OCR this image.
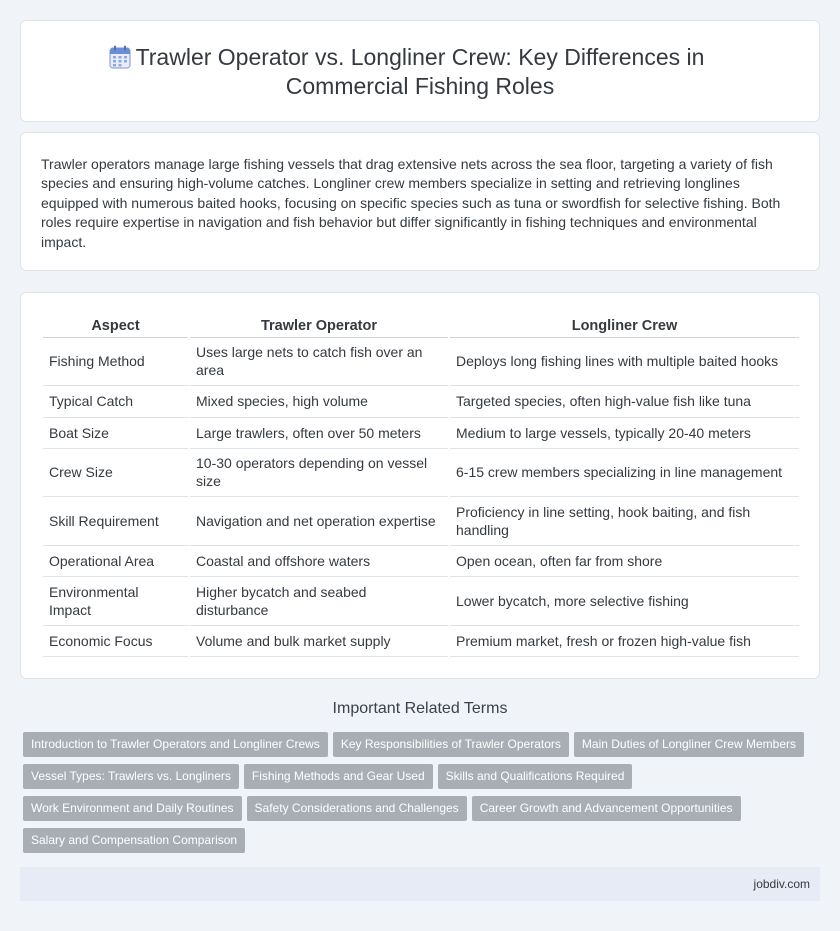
Trawler Operator vs. Longliner Crew: Key Differences in Commercial Fishing Roles

Trawler operators manage large fishing vessels that drag extensive nets across the sea floor, targeting a variety of fish species and ensuring high-volume catches. Longliner crew members specialize in setting and retrieving longlines equipped with numerous baited hooks, focusing on specific species such as tuna or swordfish for selective fishing. Both roles require expertise in navigation and fish behavior but differ significantly in fishing techniques and environmental impact.

Aspect	Trawler Operator	Longliner Crew
Fishing Method	Uses large nets to catch fish over an area	Deploys long fishing lines with multiple baited hooks
Typical Catch	Mixed species, high volume	Targeted species, often high-value fish like tuna
Boat Size	Large trawlers, often over 50 meters	Medium to large vessels, typically 20-40 meters
Crew Size	10-30 operators depending on vessel size	6-15 crew members specializing in line management
Skill Requirement	Navigation and net operation expertise	Proficiency in line setting, hook baiting, and fish handling
Operational Area	Coastal and offshore waters	Open ocean, often far from shore
Environmental Impact	Higher bycatch and seabed disturbance	Lower bycatch, more selective fishing
Economic Focus	Volume and bulk market supply	Premium market, fresh or frozen high-value fish
Important Related Terms
Introduction to Trawler Operators and Longliner Crews Key Responsibilities of Trawler Operators Main Duties of Longliner Crew Members
Vessel Types: Trawlers vs. Longliners Fishing Methods and Gear Used Skills and Qualifications Required
Work Environment and Daily Routines Safety Considerations and Challenges Career Growth and Advancement Opportunities
Salary and Compensation Comparison
jobdiv.com
